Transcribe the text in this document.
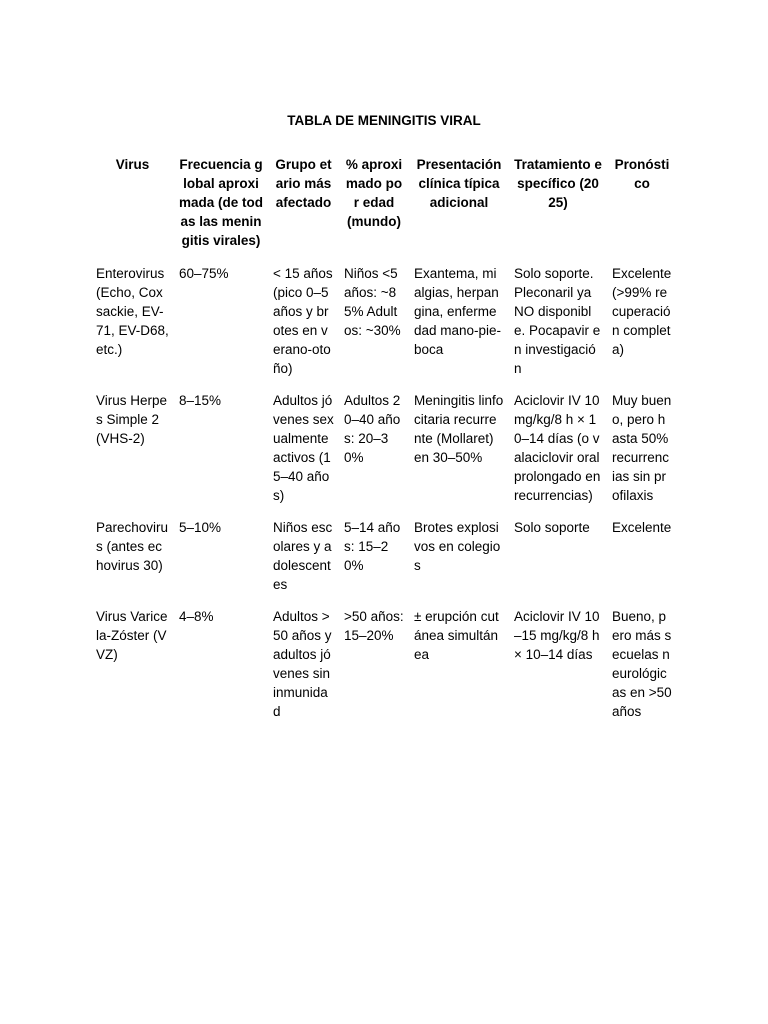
TABLA DE MENINGITIS VIRAL
Virus	Frecuencia global aproximada (de todas las meningitis virales)	Grupo etario más afectado	% aproximado por edad (mundo)	Presentación clínica típica adicional	Tratamiento específico (2025)	Pronóstico
Enterovirus (Echo, Coxsackie, EV-71, EV-D68, etc.)	60–75%	< 15 años (pico 0–5 años y brotes en verano-otoño)	Niños <5 años: ~85% Adultos: ~30%	Exantema, mialgias, herpangina, enfermedad mano-pie-boca	Solo soporte. Pleconaril ya NO disponible. Pocapavir en investigación	Excelente (>99% recuperación completa)
Virus Herpes Simple 2 (VHS-2)	8–15%	Adultos jóvenes sexualmente activos (15–40 años)	Adultos 20–40 años: 20–30%	Meningitis linfocitaria recurrente (Mollaret) en 30–50%	Aciclovir IV 10 mg/kg/8 h × 10–14 días (o valaciclovir oral prolongado en recurrencias)	Muy bueno, pero hasta 50% recurrencias sin profilaxis
Parechovirus (antes echovirus 30)	5–10%	Niños escolares y adolescentes	5–14 años: 15–20%	Brotes explosivos en colegios	Solo soporte	Excelente
Virus Varicela-Zóster (VVZ)	4–8%	Adultos >50 años y adultos jóvenes sin inmunidad	>50 años: 15–20%	± erupción cutánea simultánea	Aciclovir IV 10–15 mg/kg/8 h × 10–14 días	Bueno, pero más secuelas neurológicas en >50 años
